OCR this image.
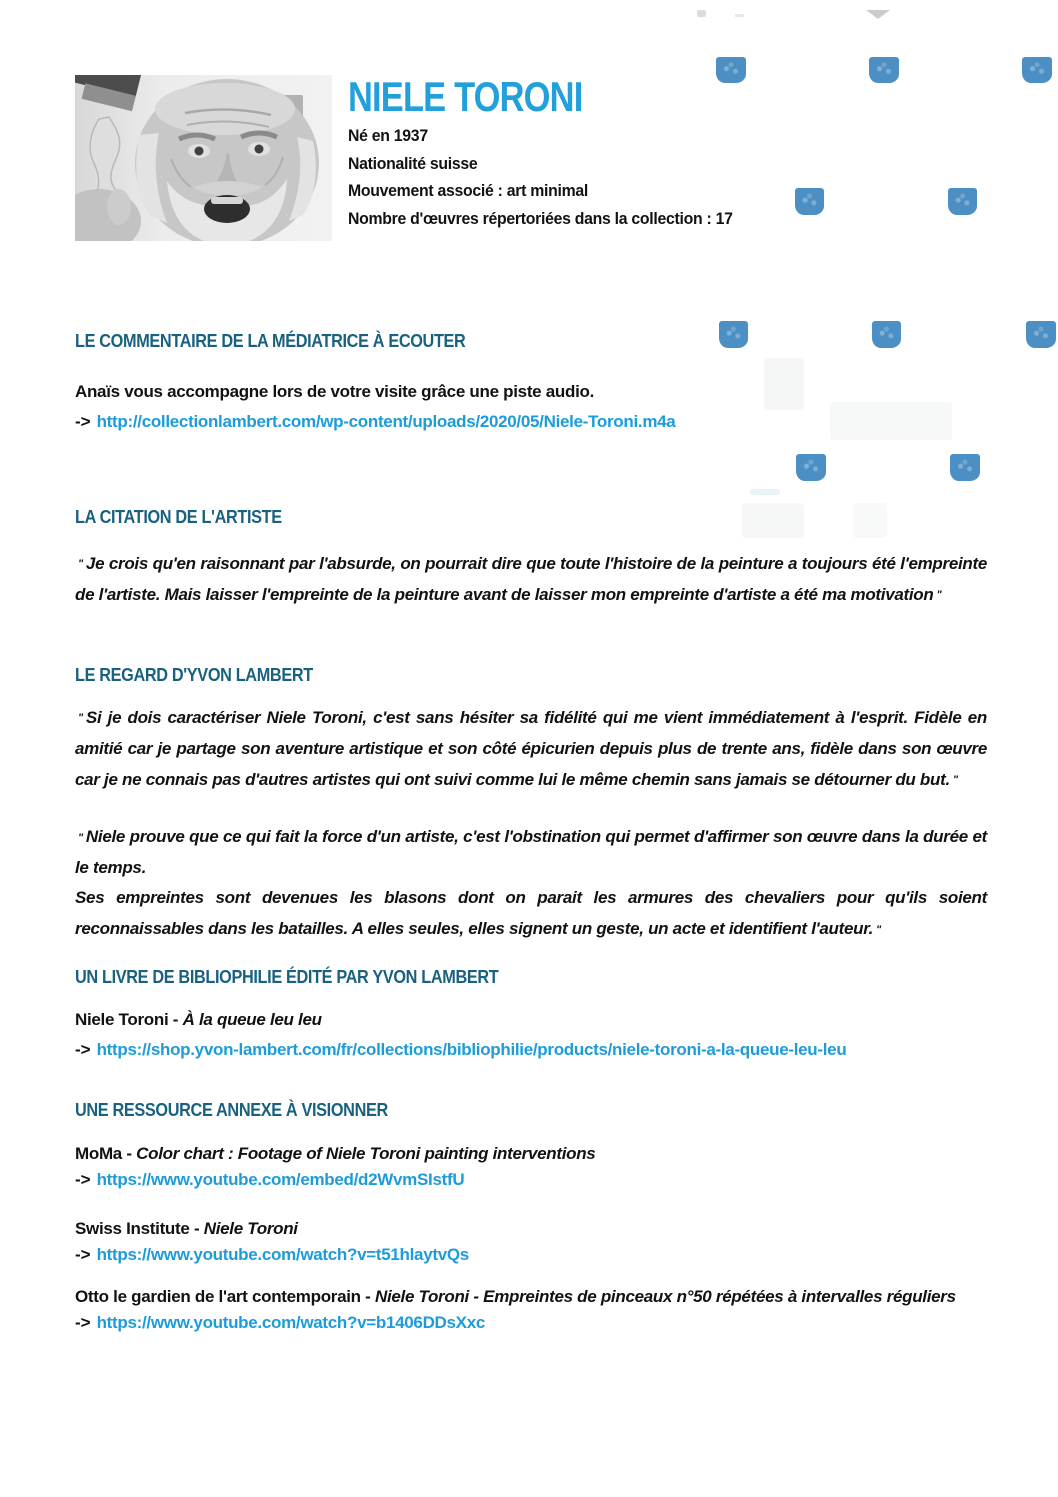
NIELE TORONI
Né en 1937
Nationalité suisse
Mouvement associé : art minimal
Nombre d'œuvres répertoriées dans la collection : 17
LE COMMENTAIRE DE LA MÉDIATRICE À ECOUTER
Anaïs vous accompagne lors de votre visite grâce une piste audio.
-> http://collectionlambert.com/wp-content/uploads/2020/05/Niele-Toroni.m4a
LA CITATION DE L'ARTISTE
" Je crois qu'en raisonnant par l'absurde, on pourrait dire que toute l'histoire de la peinture a toujours été l'empreinte de l'artiste. Mais laisser l'empreinte de la peinture avant de laisser mon empreinte d'artiste a été ma motivation "
LE REGARD D'YVON LAMBERT
" Si je dois caractériser Niele Toroni, c'est sans hésiter sa fidélité qui me vient immédiatement à l'esprit. Fidèle en amitié car je partage son aventure artistique et son côté épicurien depuis plus de trente ans, fidèle dans son œuvre car je ne connais pas d'autres artistes qui ont suivi comme lui le même chemin sans jamais se détourner du but. "
" Niele prouve que ce qui fait la force d'un artiste, c'est l'obstination qui permet d'affirmer son œuvre dans la durée et le temps.
Ses empreintes sont devenues les blasons dont on parait les armures des chevaliers pour qu'ils soient reconnaissables dans les batailles. A elles seules, elles signent un geste, un acte et identifient l'auteur. "
UN LIVRE DE BIBLIOPHILIE ÉDITÉ PAR YVON LAMBERT
Niele Toroni - À la queue leu leu
-> https://shop.yvon-lambert.com/fr/collections/bibliophilie/products/niele-toroni-a-la-queue-leu-leu
UNE RESSOURCE ANNEXE À VISIONNER
MoMa - Color chart : Footage of Niele Toroni painting interventions
-> https://www.youtube.com/embed/d2WvmSIstfU
Swiss Institute - Niele Toroni
-> https://www.youtube.com/watch?v=t51hlaytvQs
Otto le gardien de l'art contemporain - Niele Toroni - Empreintes de pinceaux n°50 répétées à intervalles réguliers
-> https://www.youtube.com/watch?v=b1406DDsXxc
